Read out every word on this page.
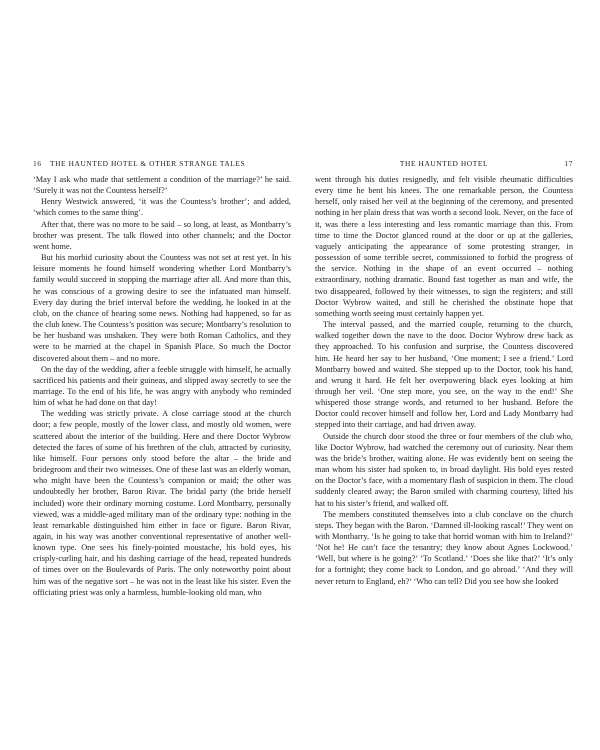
16 THE HAUNTED HOTEL & OTHER STRANGE TALES

‘May I ask who made that settlement a condition of the marriage?’ he said. ‘Surely it was not the Countess herself?’

Henry Westwick answered, ‘it was the Countess’s brother’; and added, ‘which comes to the same thing’.

After that, there was no more to be said – so long, at least, as Montbarry’s brother was present. The talk flowed into other channels; and the Doctor went home.

But his morbid curiosity about the Countess was not set at rest yet. In his leisure moments he found himself wondering whether Lord Montbarry’s family would succeed in stopping the marriage after all. And more than this, he was conscious of a growing desire to see the infatuated man himself. Every day during the brief interval before the wedding, he looked in at the club, on the chance of hearing some news. Nothing had happened, so far as the club knew. The Countess’s position was secure; Montbarry’s resolution to be her husband was unshaken. They were both Roman Catholics, and they were to be married at the chapel in Spanish Place. So much the Doctor discovered about them – and no more.

On the day of the wedding, after a feeble struggle with himself, he actually sacrificed his patients and their guineas, and slipped away secretly to see the marriage. To the end of his life, he was angry with anybody who reminded him of what he had done on that day!

The wedding was strictly private. A close carriage stood at the church door; a few people, mostly of the lower class, and mostly old women, were scattered about the interior of the building. Here and there Doctor Wybrow detected the faces of some of his brethren of the club, attracted by curiosity, like himself. Four persons only stood before the altar – the bride and bridegroom and their two witnesses. One of these last was an elderly woman, who might have been the Countess’s companion or maid; the other was undoubtedly her brother, Baron Rivar. The bridal party (the bride herself included) wore their ordinary morning costume. Lord Montbarry, personally viewed, was a middle-aged military man of the ordinary type: nothing in the least remarkable distinguished him either in face or figure. Baron Rivar, again, in his way was another conventional representative of another well-known type. One sees his finely-pointed moustache, his bold eyes, his crisply-curling hair, and his dashing carriage of the head, repeated hundreds of times over on the Boulevards of Paris. The only noteworthy point about him was of the negative sort – he was not in the least like his sister. Even the officiating priest was only a harmless, humble-looking old man, who

THE HAUNTED HOTEL	17

went through his duties resignedly, and felt visible rheumatic difficulties every time he bent his knees. The one remarkable person, the Countess herself, only raised her veil at the beginning of the ceremony, and presented nothing in her plain dress that was worth a second look. Never, on the face of it, was there a less interesting and less romantic marriage than this. From time to time the Doctor glanced round at the door or up at the galleries, vaguely anticipating the appearance of some protesting stranger, in possession of some terrible secret, commissioned to forbid the progress of the service. Nothing in the shape of an event occurred – nothing extraordinary, nothing dramatic. Bound fast together as man and wife, the two disappeared, followed by their witnesses, to sign the registers; and still Doctor Wybrow waited, and still he cherished the obstinate hope that something worth seeing must certainly happen yet.

The interval passed, and the married couple, returning to the church, walked together down the nave to the door. Doctor Wybrow drew back as they approached. To his confusion and surprise, the Countess discovered him. He heard her say to her husband, ‘One moment; I see a friend.’ Lord Montbarry bowed and waited. She stepped up to the Doctor, took his hand, and wrung it hard. He felt her overpowering black eyes looking at him through her veil. ‘One step more, you see, on the way to the end!’ She whispered those strange words, and returned to her husband. Before the Doctor could recover himself and follow her, Lord and Lady Montbarry had stepped into their carriage, and had driven away.

Outside the church door stood the three or four members of the club who, like Doctor Wybrow, had watched the ceremony out of curiosity. Near them was the bride’s brother, waiting alone. He was evidently bent on seeing the man whom his sister had spoken to, in broad daylight. His bold eyes rested on the Doctor’s face, with a momentary flash of suspicion in them. The cloud suddenly cleared away; the Baron smiled with charming courtesy, lifted his hat to his sister’s friend, and walked off.

The members constituted themselves into a club conclave on the church steps. They began with the Baron. ‘Damned ill-looking rascal!’ They went on with Montbarry. ‘Is he going to take that horrid woman with him to Ireland?’ ‘Not he! He can’t face the tenantry; they know about Agnes Lockwood.’ ‘Well, but where is he going?’ ‘To Scotland.’ ‘Does she like that?’ ‘It’s only for a fortnight; they come back to London, and go abroad.’ ‘And they will never return to England, eh?’ ‘Who can tell? Did you see how she looked
